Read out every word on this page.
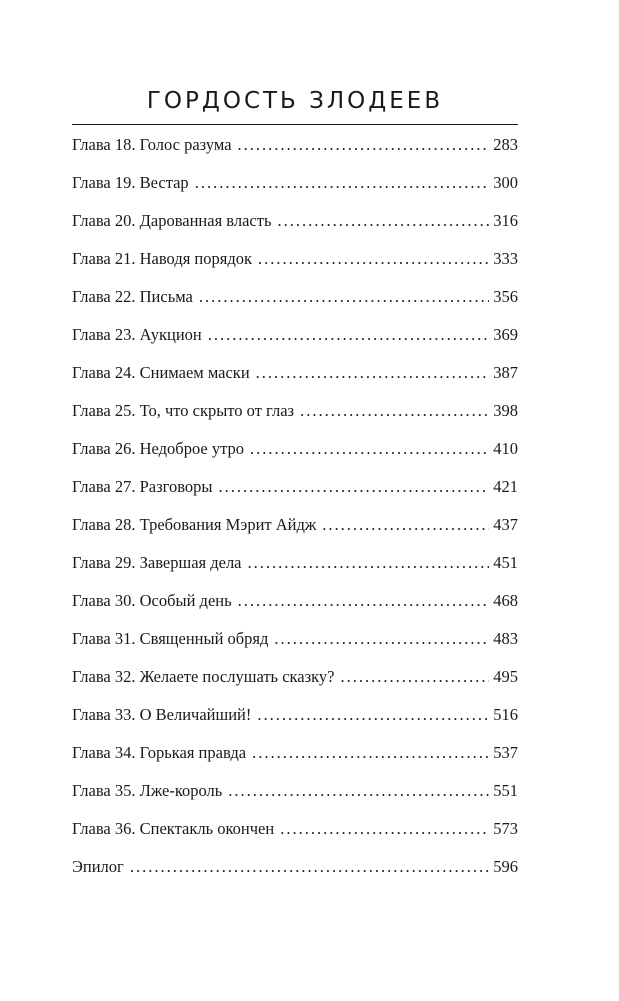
ГОРДОСТЬ ЗЛОДЕЕВ
Глава 18. Голос разума .....	283
Глава 19. Вестар .....	300
Глава 20. Дарованная власть .....	316
Глава 21. Наводя порядок .....	333
Глава 22. Письма .....	356
Глава 23. Аукцион .....	369
Глава 24. Снимаем маски .....	387
Глава 25. То, что скрыто от глаз .....	398
Глава 26. Недоброе утро .....	410
Глава 27. Разговоры .....	421
Глава 28. Требования Мэрит Айдж .....	437
Глава 29. Завершая дела .....	451
Глава 30. Особый день .....	468
Глава 31. Священный обряд .....	483
Глава 32. Желаете послушать сказку? .....	495
Глава 33. О Величайший! .....	516
Глава 34. Горькая правда .....	537
Глава 35. Лже-король .....	551
Глава 36. Спектакль окончен .....	573
Эпилог .....	596
